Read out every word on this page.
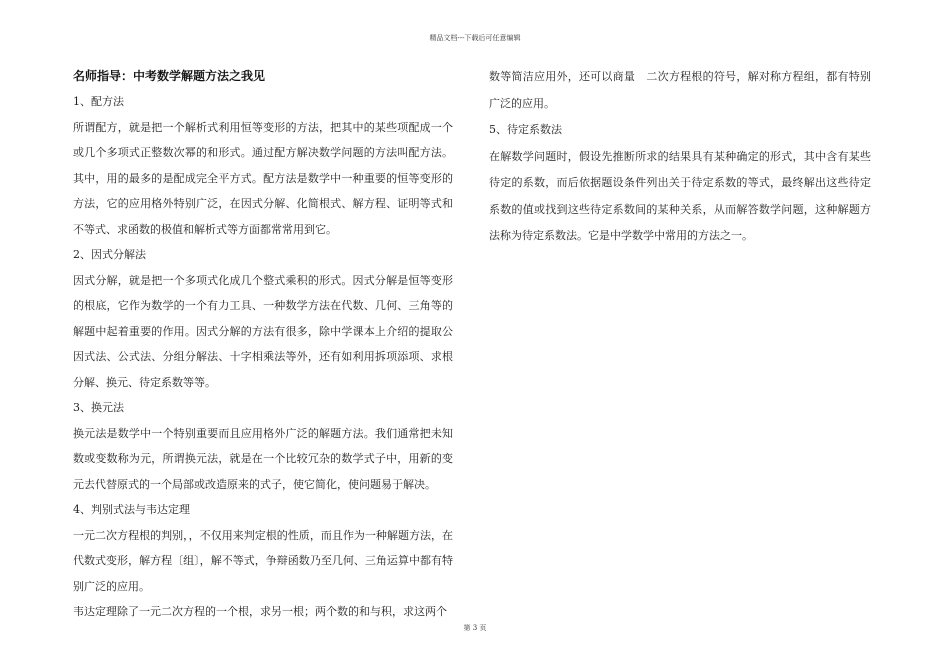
精品文档---下载后可任意编辑

名师指导：中考数学解题方法之我见

1、配方法

所谓配方，就是把一个解析式利用恒等变形的方法，把其中的某些项配成一个或几个多项式正整数次幂的和形式。通过配方解决数学问题的方法叫配方法。其中，用的最多的是配成完全平方式。配方法是数学中一种重要的恒等变形的方法，它的应用格外特别广泛，在因式分解、化简根式、解方程、证明等式和不等式、求函数的极值和解析式等方面都常常用到它。

2、因式分解法

因式分解，就是把一个多项式化成几个整式乘积的形式。因式分解是恒等变形的根底，它作为数学的一个有力工具、一种数学方法在代数、几何、三角等的解题中起着重要的作用。因式分解的方法有很多，除中学课本上介绍的提取公因式法、公式法、分组分解法、十字相乘法等外，还有如利用拆项添项、求根分解、换元、待定系数等等。

3、换元法

换元法是数学中一个特别重要而且应用格外广泛的解题方法。我们通常把未知数或变数称为元，所谓换元法，就是在一个比较冗杂的数学式子中，用新的变元去代替原式的一个局部或改造原来的式子，使它简化，使问题易于解决。

4、判别式法与韦达定理

一元二次方程根的判别，，不仅用来判定根的性质，而且作为一种解题方法，在代数式变形，解方程〔组〕，解不等式，争辩函数乃至几何、三角运算中都有特别广泛的应用。

韦达定理除了一元二次方程的一个根，求另一根；两个数的和与积，求这两个

数等简洁应用外，还可以商量　二次方程根的符号，解对称方程组，都有特别广泛的应用。

5、待定系数法

在解数学问题时，假设先推断所求的结果具有某种确定的形式，其中含有某些待定的系数，而后依据题设条件列出关于待定系数的等式，最终解出这些待定系数的值或找到这些待定系数间的某种关系，从而解答数学问题，这种解题方法称为待定系数法。它是中学数学中常用的方法之一。

第 3 页
